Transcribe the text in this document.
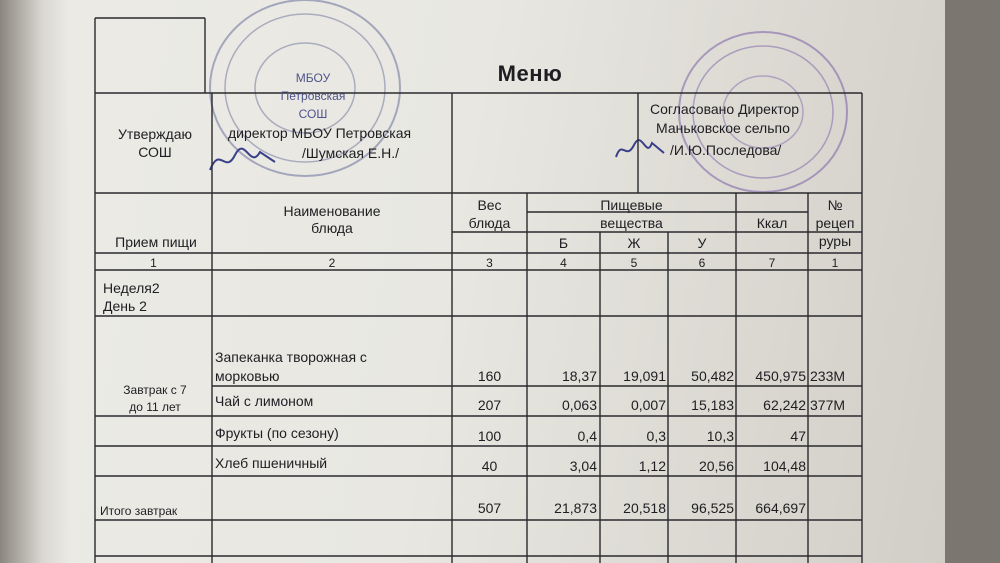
Меню
Утверждаю
СОШ
директор МБОУ Петровская
/Шумская Е.Н./
Согласовано Директор
Маньковское сельпо
/И.Ю.Последова/
МБОУ
Петровская
СОШ
Прием пищи
Наименование
блюда
Вес
блюда
Пищевые
вещества
Б	Ж	У
Ккал
№
рецеп
руры
1	2	3	4	5	6	7	1
Неделя2
День 2
Завтрак с 7
до 11 лет
Запеканка творожная с
морковью	160	18,37	19,091	50,482	450,975 233М
Чай с лимоном	207	0,063	0,007	15,183	62,242 377М
Фрукты (по сезону)	100	0,4	0,3	10,3	47
Хлеб пшеничный	40	3,04	1,12	20,56	104,48
Итого завтрак	507	21,873	20,518	96,525	664,697
